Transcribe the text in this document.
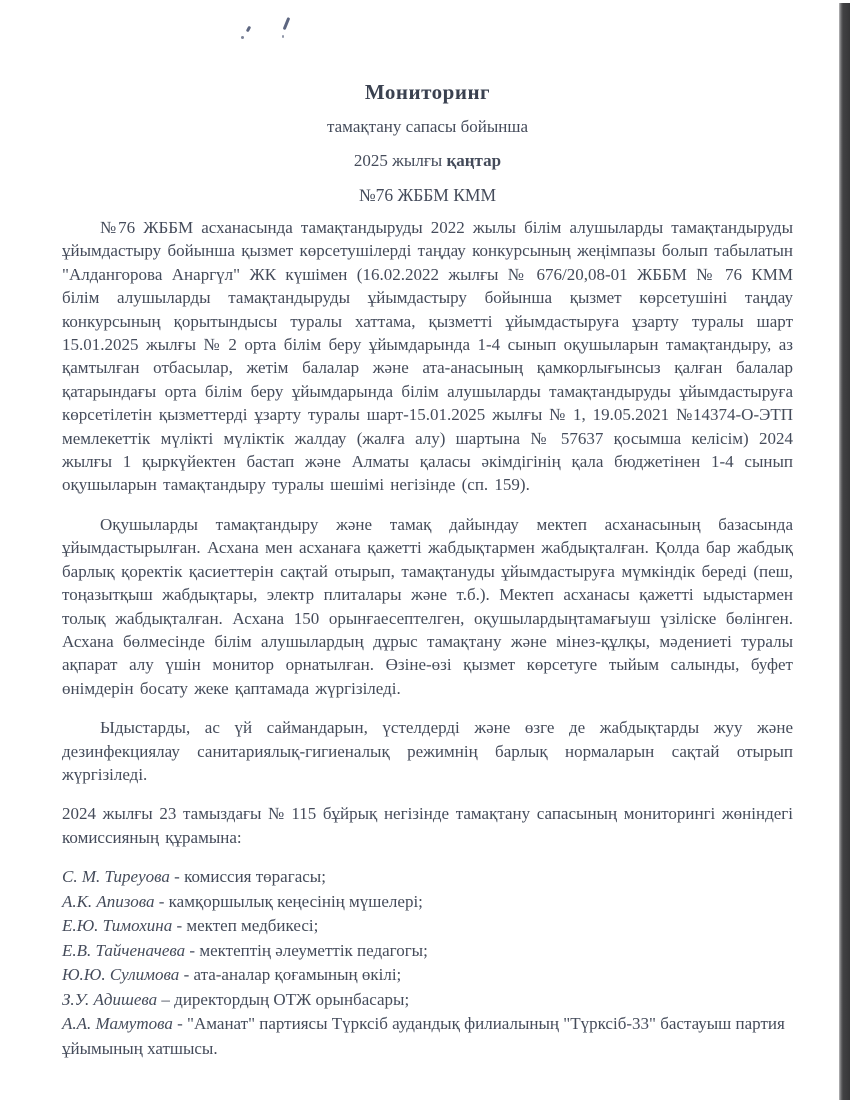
Мониторинг

тамақтану сапасы бойынша

2025 жылғы қаңтар

№76 ЖББМ КММ

№76 ЖББМ асханасында тамақтандыруды 2022 жылы білім алушыларды тамақтандыруды ұйымдастыру бойынша қызмет көрсетушілерді таңдау конкурсының жеңімпазы болып табылатын "Алдангорова Анаргүл" ЖК күшімен (16.02.2022 жылғы № 676/20,08-01 ЖББМ № 76 КММ білім алушыларды тамақтандыруды ұйымдастыру бойынша қызмет көрсетушіні таңдау конкурсының қорытындысы туралы хаттама, қызметті ұйымдастыруға ұзарту туралы шарт 15.01.2025 жылғы № 2 орта білім беру ұйымдарында 1-4 сынып оқушыларын тамақтандыру, аз қамтылған отбасылар, жетім балалар және ата-анасының қамкорлығынсыз қалған балалар қатарындағы орта білім беру ұйымдарында білім алушыларды тамақтандыруды ұйымдастыруға көрсетілетін қызметтерді ұзарту туралы шарт-15.01.2025 жылғы № 1, 19.05.2021 №14374-О-ЭТП мемлекеттік мүлікті мүліктік жалдау (жалға алу) шартына № 57637 қосымша келісім) 2024 жылғы 1 қыркүйектен бастап және Алматы қаласы әкімдігінің қала бюджетінен 1-4 сынып оқушыларын тамақтандыру туралы шешімі негізінде (сп. 159).

Оқушыларды тамақтандыру және тамақ дайындау мектеп асханасының базасында ұйымдастырылған. Асхана мен асханаға қажетті жабдықтармен жабдықталған. Қолда бар жабдық барлық қоректік қасиеттерін сақтай отырып, тамақтануды ұйымдастыруға мүмкіндік береді (пеш, тоңазытқыш жабдықтары, электр плиталары және т.б.). Мектеп асханасы қажетті ыдыстармен толық жабдықталған. Асхана 150 орынғаесептелген, оқушылардыңтамағыуш үзіліске бөлінген. Асхана бөлмесінде білім алушылардың дұрыс тамақтану және мінез-құлқы, мәдениеті туралы ақпарат алу үшін монитор орнатылған. Өзіне-өзі қызмет көрсетуге тыйым салынды, буфет өнімдерін босату жеке қаптамада жүргізіледі.

Ыдыстарды, ас үй саймандарын, үстелдерді және өзге де жабдықтарды жуу және дезинфекциялау санитариялық-гигиеналық режимнің барлық нормаларын сақтай отырып жүргізіледі.

2024 жылғы 23 тамыздағы № 115 бұйрық негізінде тамақтану сапасының мониторингі жөніндегі комиссияның құрамына:

С. М. Тиреуова - комиссия төрагасы;

А.К. Апизова - камқоршылық кеңесінің мүшелері;

Е.Ю. Тимохина - мектеп медбикесі;

Е.В. Тайченачева - мектептің әлеуметтік педагогы;

Ю.Ю. Сулимова - ата-аналар қоғамының өкілі;

З.У. Адишева – директордың ОТЖ орынбасары;

А.А. Мамутова - "Аманат" партиясы Түрксіб аудандық филиалының "Түрксіб-33" бастауыш партия ұйымының хатшысы.
